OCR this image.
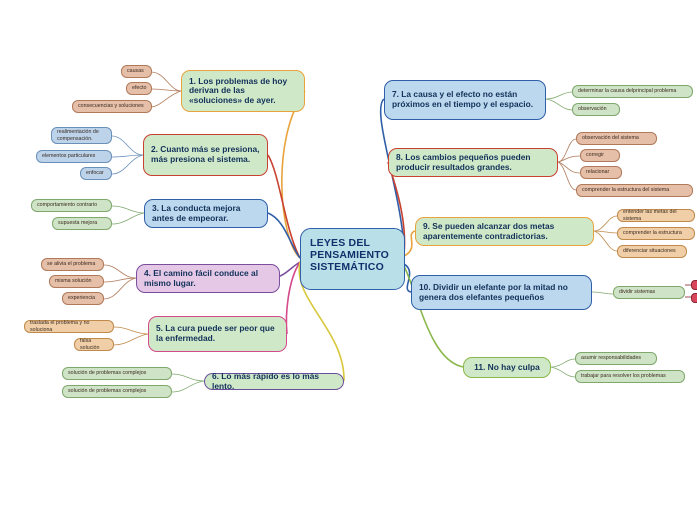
LEYES DEL PENSAMIENTO SISTEMÁTICO
1. Los problemas de hoy derivan de las «soluciones» de ayer.
causas
efecto
consecuencias y soluciones
2. Cuanto más se presiona, más presiona el sistema.
realimentación de compensación.
elementos particulares
enfocar
3. La conducta mejora antes de empeorar.
comportamiento contrario
supuesta mejora
4. El camino fácil conduce al mismo lugar.
se alivia el problema
misma solución
experiencia
5. La cura puede ser peor que la enfermedad.
traslada el problema y no soluciona
falsa solución
6. Lo más rápido es lo más lento.
solución de problemas complejos
solución de problemas complejos
7. La causa y el efecto no están próximos en el tiempo y el espacio.
determinar la causa delprincipal problema
observación
8. Los cambios pequeños pueden producir resultados grandes.
observación del sistema
corregir
relacionar
comprender la estructura del sistema
9. Se pueden alcanzar dos metas aparentemente contradictorias.
entender las metas del sistema
comprender la estructura
diferenciar situaciones
10. Dividir un elefante por la mitad no genera dos elefantes pequeños	dividir sistemas
11. No hay culpa
asumir responsabilidades
trabajar para resolver los problemas
